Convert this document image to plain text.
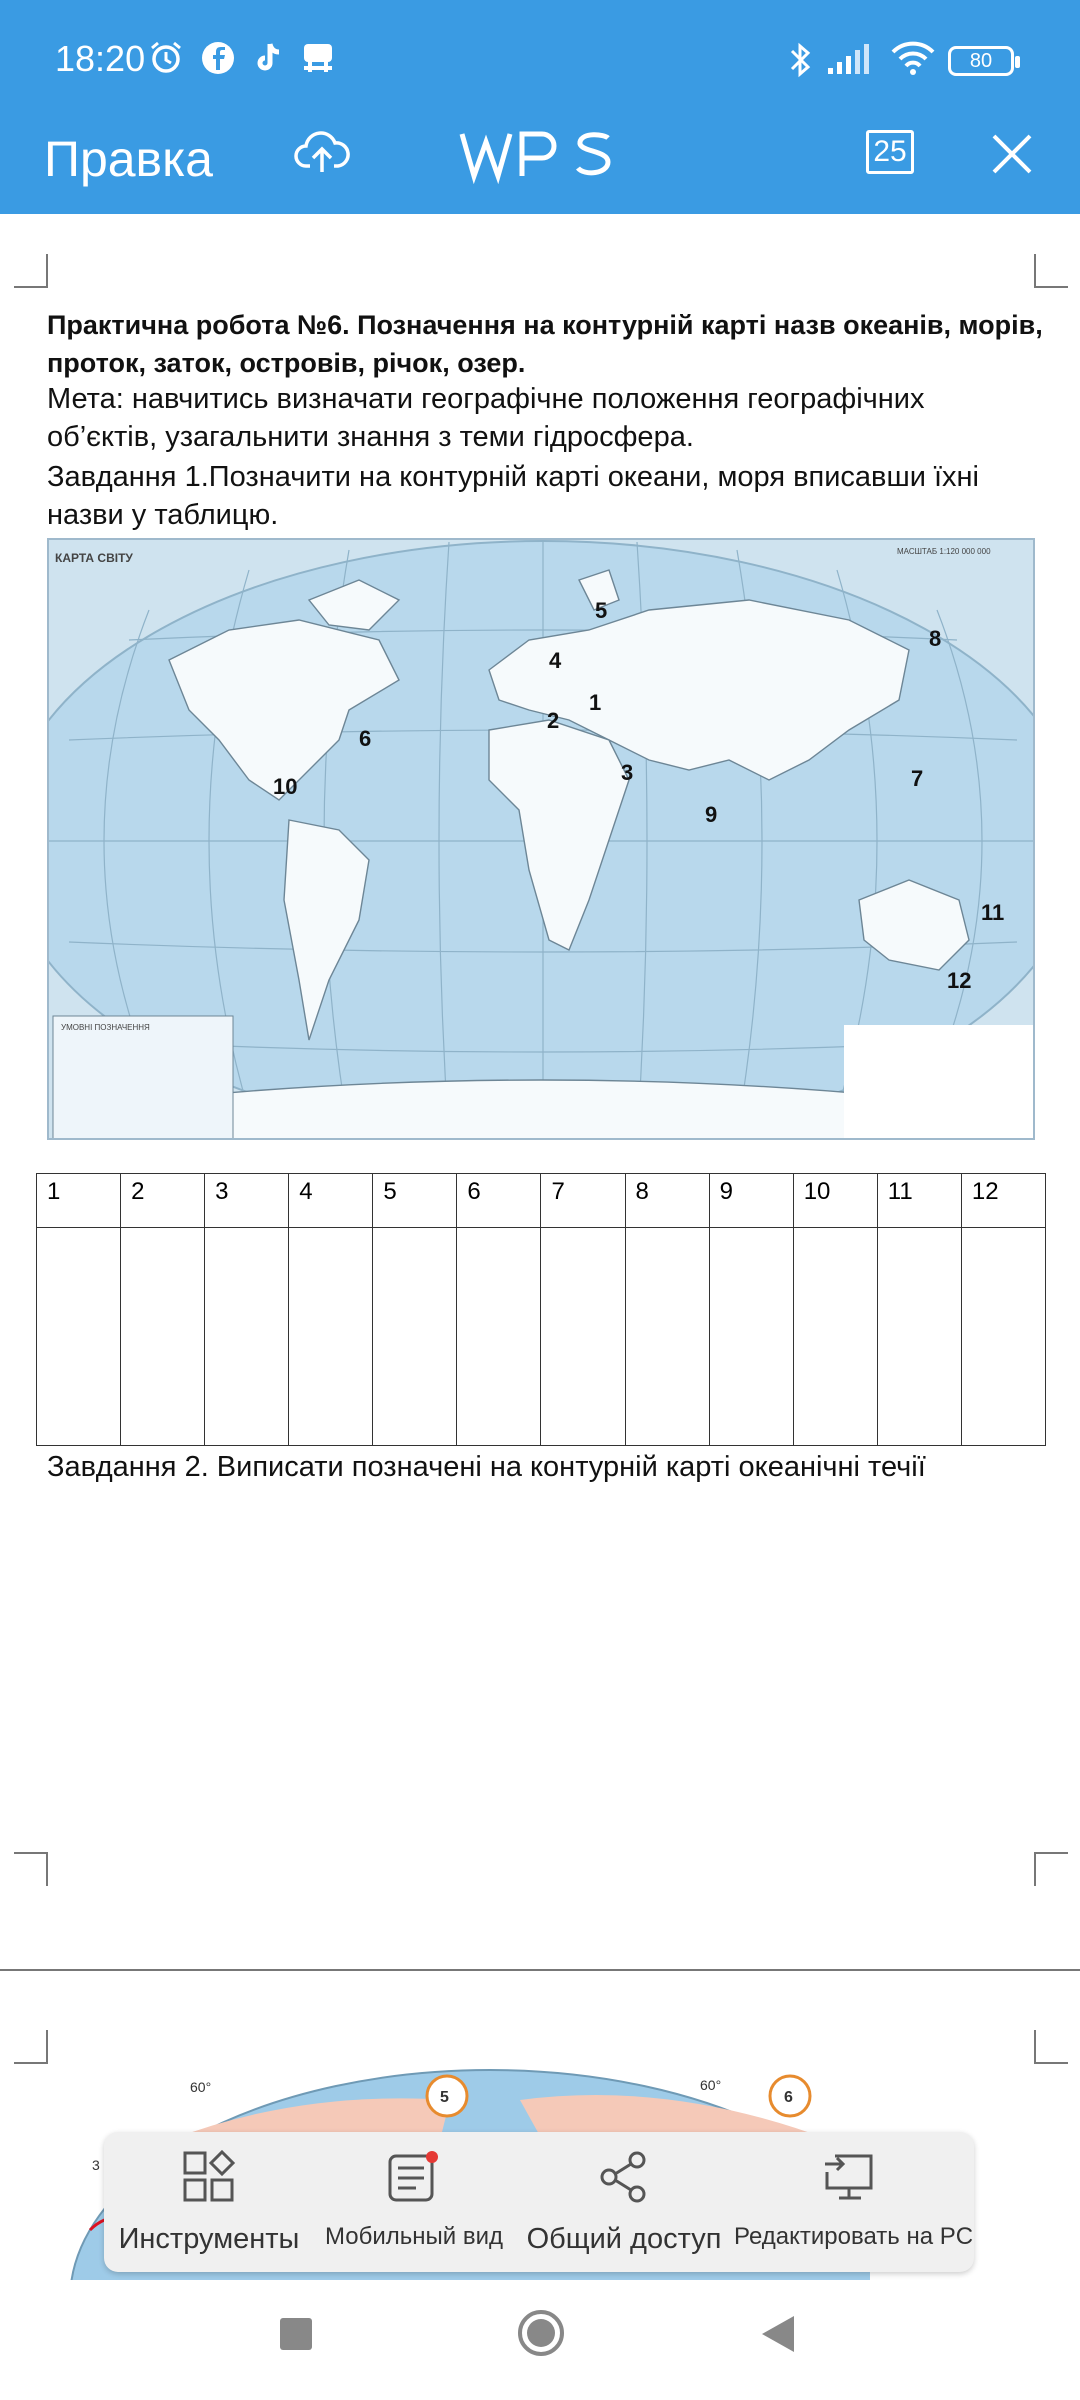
18:20	80
Правка	25
Практична робота №6. Позначення на контурній карті назв океанів, морів, проток, заток, островів, річок, озер.
Мета: навчитись визначати географічне положення географічних
об’єктів, узагальнити знання з теми гідросфера.
Завдання 1.Позначити на контурній карті океани, моря вписавши їхні
назви у таблицю.
КАРТА СВІТУ	МАСШТАБ 1:120 000 000
УМОВНІ ПОЗНАЧЕННЯ
1
2
3
4
5
6
7
8
9
10
11
12
1	2	3	4	5	6	7	8	9	10	11	12

Завдання 2. Виписати позначені на контурній карті океанічні течії
60°
5
60°
6
3
Инструменты	Мобильный вид Общий доступ Редактировать на PC
